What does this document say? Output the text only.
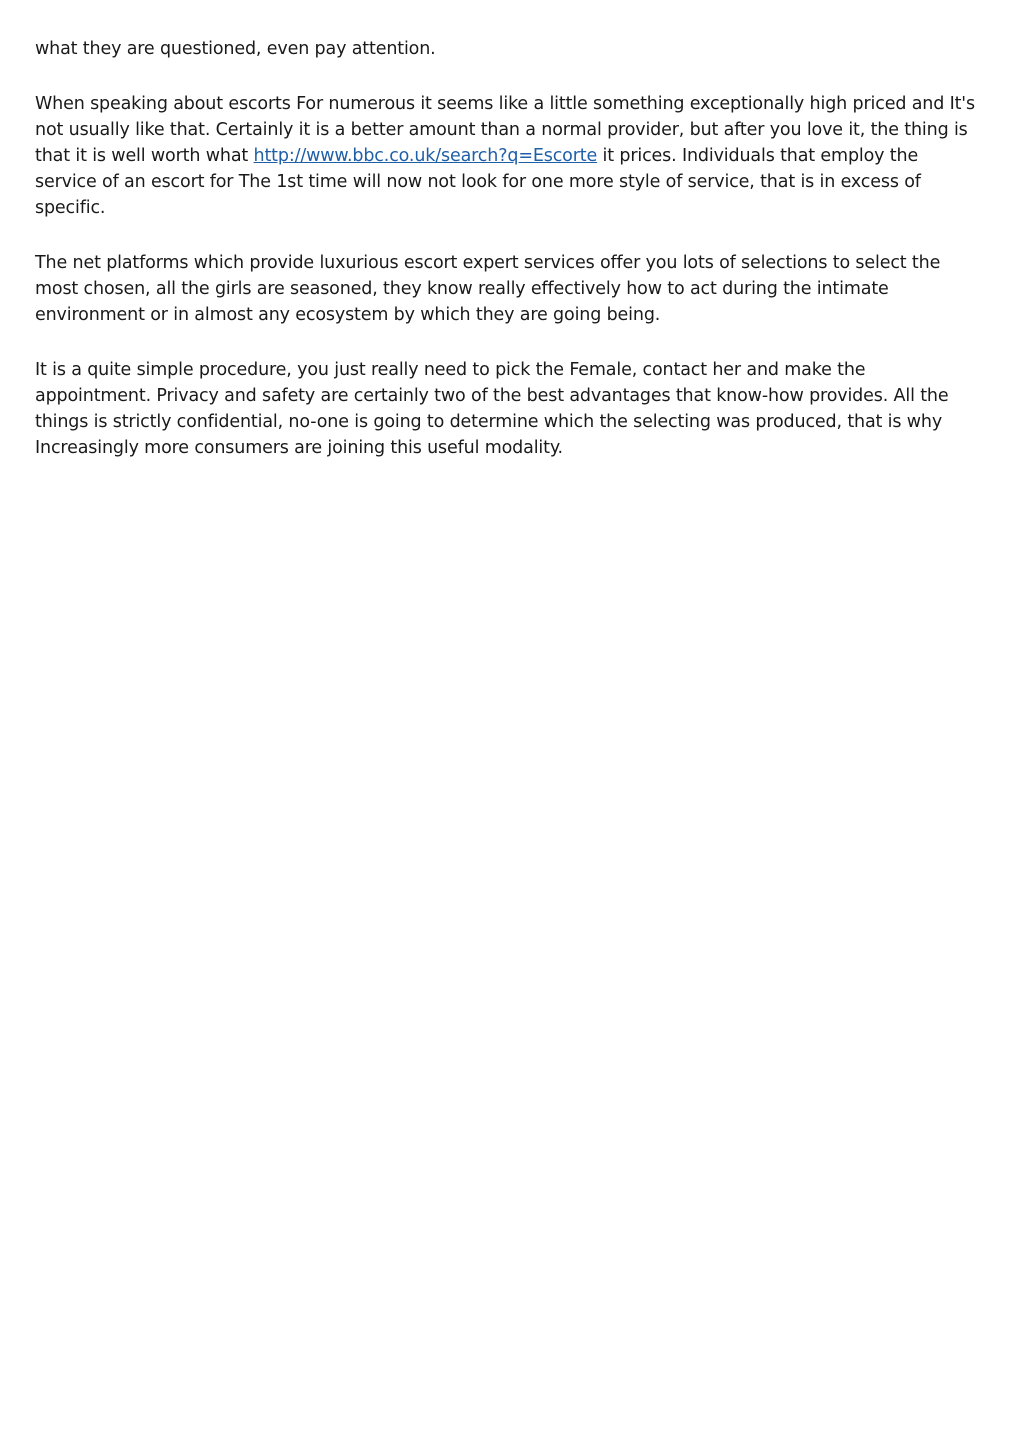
what they are questioned, even pay attention.

When speaking about escorts For numerous it seems like a little something exceptionally high priced and It's not usually like that. Certainly it is a better amount than a normal provider, but after you love it, the thing is that it is well worth what http://www.bbc.co.uk/search?q=Escorte it prices. Individuals that employ the service of an escort for The 1st time will now not look for one more style of service, that is in excess of specific.

The net platforms which provide luxurious escort expert services offer you lots of selections to select the most chosen, all the girls are seasoned, they know really effectively how to act during the intimate environment or in almost any ecosystem by which they are going being.

It is a quite simple procedure, you just really need to pick the Female, contact her and make the appointment. Privacy and safety are certainly two of the best advantages that know-how provides. All the things is strictly confidential, no-one is going to determine which the selecting was produced, that is why Increasingly more consumers are joining this useful modality.
